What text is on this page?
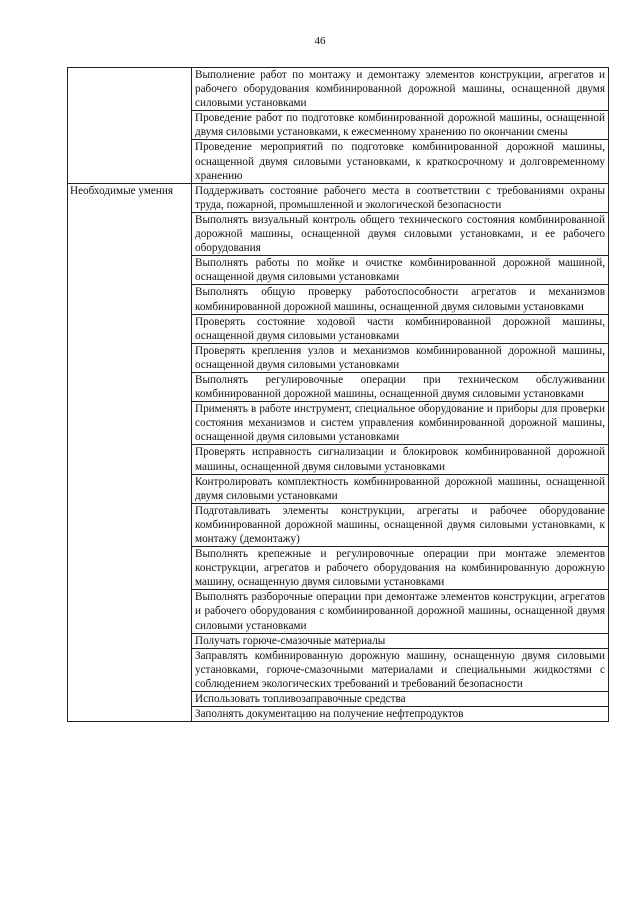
46
	Выполнение работ по монтажу и демонтажу элементов конструкции, агрегатов и рабочего оборудования комбинированной дорожной машины, оснащенной двумя силовыми установками
	Проведение работ по подготовке комбинированной дорожной машины, оснащенной двумя силовыми установками, к ежесменному хранению по окончании смены
	Проведение мероприятий по подготовке комбинированной дорожной машины, оснащенной двумя силовыми установками, к краткосрочному и долговременному хранению
Необходимые умения	Поддерживать состояние рабочего места в соответствии с требованиями охраны труда, пожарной, промышленной и экологической безопасности
	Выполнять визуальный контроль общего технического состояния комбинированной дорожной машины, оснащенной двумя силовыми установками, и ее рабочего оборудования
	Выполнять работы по мойке и очистке комбинированной дорожной машиной, оснащенной двумя силовыми установками
	Выполнять общую проверку работоспособности агрегатов и механизмов комбинированной дорожной машины, оснащенной двумя силовыми установками
	Проверять состояние ходовой части комбинированной дорожной машины, оснащенной двумя силовыми установками
	Проверять крепления узлов и механизмов комбинированной дорожной машины, оснащенной двумя силовыми установками
	Выполнять регулировочные операции при техническом обслуживании комбинированной дорожной машины, оснащенной двумя силовыми установками
	Применять в работе инструмент, специальное оборудование и приборы для проверки состояния механизмов и систем управления комбинированной дорожной машины, оснащенной двумя силовыми установками
	Проверять исправность сигнализации и блокировок комбинированной дорожной машины, оснащенной двумя силовыми установками
	Контролировать комплектность комбинированной дорожной машины, оснащенной двумя силовыми установками
	Подготавливать элементы конструкции, агрегаты и рабочее оборудование комбинированной дорожной машины, оснащенной двумя силовыми установками, к монтажу (демонтажу)
	Выполнять крепежные и регулировочные операции при монтаже элементов конструкции, агрегатов и рабочего оборудования на комбинированную дорожную машину, оснащенную двумя силовыми установками
	Выполнять разборочные операции при демонтаже элементов конструкции, агрегатов и рабочего оборудования с комбинированной дорожной машины, оснащенной двумя силовыми установками
	Получать горюче-смазочные материалы
	Заправлять комбинированную дорожную машину, оснащенную двумя силовыми установками, горюче-смазочными материалами и специальными жидкостями с соблюдением экологических требований и требований безопасности
	Использовать топливозаправочные средства
	Заполнять документацию на получение нефтепродуктов
